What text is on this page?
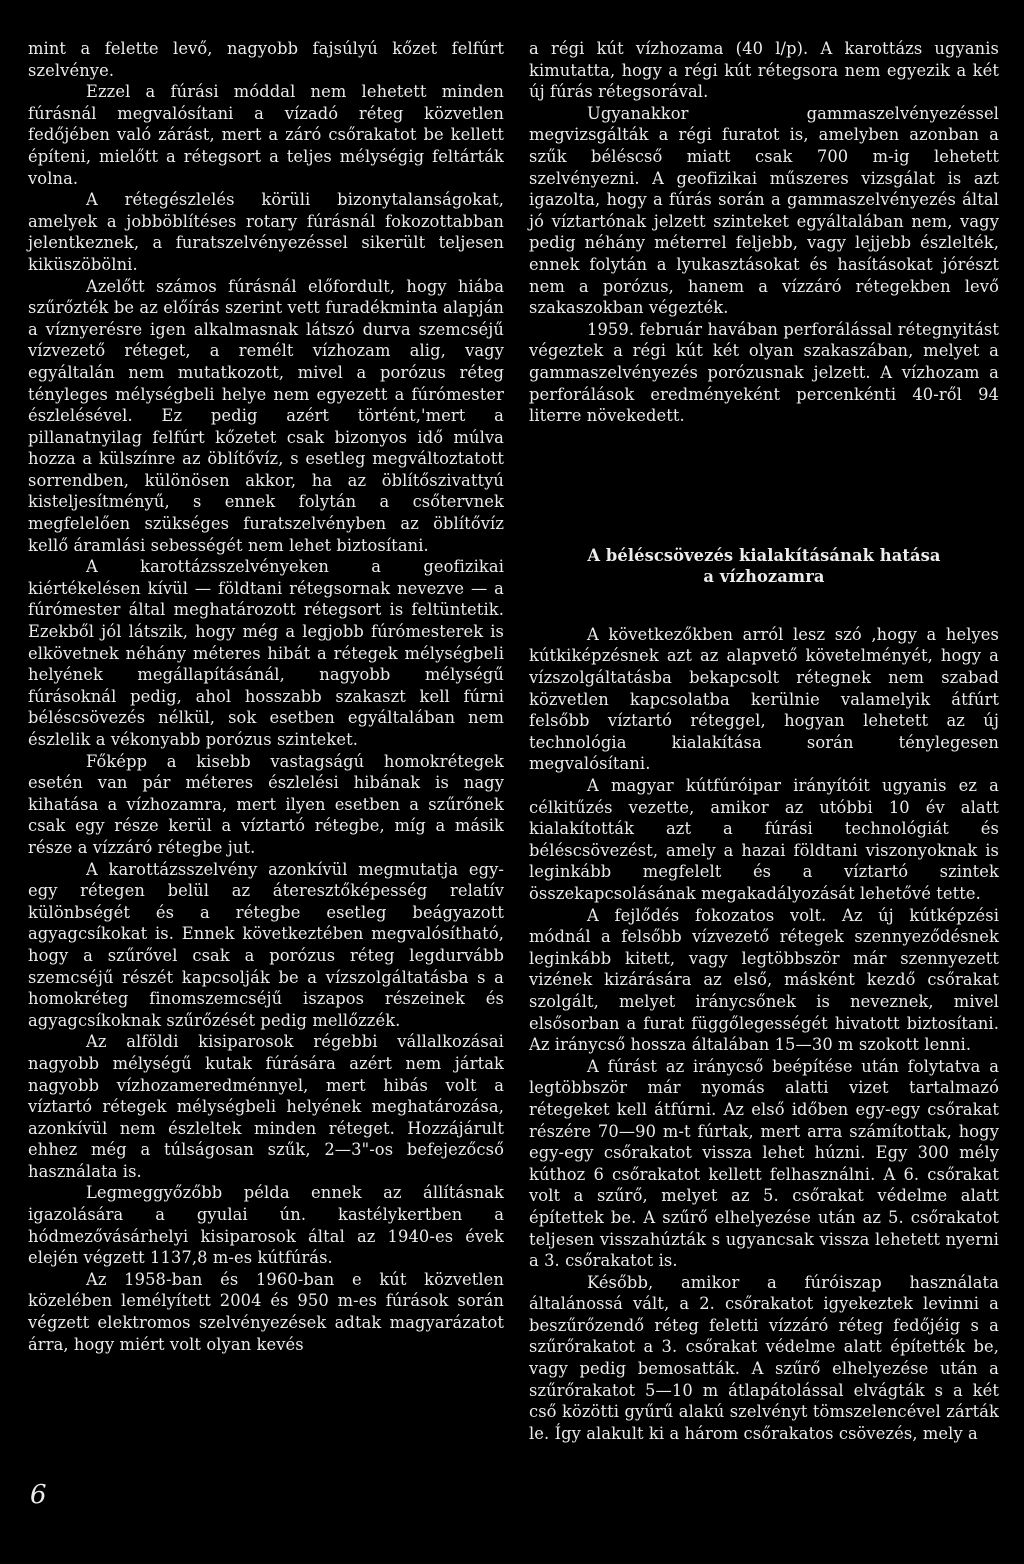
mint a felette levő, nagyobb fajsúlyú kőzet felfúrt szelvénye.

Ezzel a fúrási móddal nem lehetett minden fúrásnál megvalósítani a vízadó réteg közvetlen fedőjében való zárást, mert a záró csőrakatot be kellett építeni, mielőtt a rétegsort a teljes mélységig feltárták volna.

A rétegészlelés körüli bizonytalanságokat, amelyek a jobböblítéses rotary fúrásnál fokozottabban jelentkeznek, a furatszelvényezéssel sikerült teljesen kiküszöbölni.

Azelőtt számos fúrásnál előfordult, hogy hiába szűrőzték be az előírás szerint vett furadékminta alapján a víznyerésre igen alkalmasnak látszó durva szemcséjű vízvezető réteget, a remélt vízhozam alig, vagy egyáltalán nem mutatkozott, mivel a porózus réteg tényleges mélységbeli helye nem egyezett a fúrómester észlelésével. Ez pedig azért történt,'mert a pillanatnyilag felfúrt kőzetet csak bizonyos idő múlva hozza a külszínre az öblítővíz, s esetleg megváltoztatott sorrendben, különösen akkor, ha az öblítőszivattyú kisteljesítményű, s ennek folytán a csőtervnek megfelelően szükséges furatszelvényben az öblítővíz kellő áramlási sebességét nem lehet biztosítani.

A karottázsszelvényeken a geofizikai kiértékelésen kívül — földtani rétegsornak nevezve — a fúrómester által meghatározott rétegsort is feltüntetik. Ezekből jól látszik, hogy még a legjobb fúrómesterek is elkövetnek néhány méteres hibát a rétegek mélységbeli helyének megállapításánál, nagyobb mélységű fúrásoknál pedig, ahol hosszabb szakaszt kell fúrni béléscsövezés nélkül, sok esetben egyáltalában nem észlelik a vékonyabb porózus szinteket.

Főképp a kisebb vastagságú homokrétegek esetén van pár méteres észlelési hibának is nagy kihatása a vízhozamra, mert ilyen esetben a szűrőnek csak egy része kerül a víztartó rétegbe, míg a másik része a vízzáró rétegbe jut.

A karottázsszelvény azonkívül megmutatja egy-egy rétegen belül az áteresztőképesség relatív különbségét és a rétegbe esetleg beágyazott agyagcsíkokat is. Ennek következtében megvalósítható, hogy a szűrővel csak a porózus réteg legdurvább szemcséjű részét kapcsolják be a vízszolgáltatásba s a homokréteg finomszemcséjű iszapos részeinek és agyagcsíkoknak szűrőzését pedig mellőzzék.

Az alföldi kisiparosok régebbi vállalkozásai nagyobb mélységű kutak fúrására azért nem jártak nagyobb vízhozameredménnyel, mert hibás volt a víztartó rétegek mélységbeli helyének meghatározása, azonkívül nem észleltek minden réteget. Hozzájárult ehhez még a túlságosan szűk, 2—3"-os befejezőcső használata is.

Legmeggyőzőbb példa ennek az állításnak igazolására a gyulai ún. kastélykertben a hódmezővásárhelyi kisiparosok által az 1940-es évek elején végzett 1137,8 m-es kútfúrás.

Az 1958-ban és 1960-ban e kút közvetlen közelében lemélyített 2004 és 950 m-es fúrások során végzett elektromos szelvényezések adtak magyarázatot árra, hogy miért volt olyan kevés

a régi kút vízhozama (40 l/p). A karottázs ugyanis kimutatta, hogy a régi kút rétegsora nem egyezik a két új fúrás rétegsorával.

Ugyanakkor gammaszelvényezéssel megvizsgálták a régi furatot is, amelyben azonban a szűk béléscső miatt csak 700 m-ig lehetett szelvényezni. A geofizikai műszeres vizsgálat is azt igazolta, hogy a fúrás során a gammaszelvényezés által jó víztartónak jelzett szinteket egyáltalában nem, vagy pedig néhány méterrel feljebb, vagy lejjebb észlelték, ennek folytán a lyukasztásokat és hasításokat jórészt nem a porózus, hanem a vízzáró rétegekben levő szakaszokban végezték.

1959. február havában perforálással rétegnyitást végeztek a régi kút két olyan szakaszában, melyet a gammaszelvényezés porózusnak jelzett. A vízhozam a perforálások eredményeként percenkénti 40-ről 94 literre növekedett.

A béléscsövezés kialakításának hatása
a vízhozamra

A következőkben arról lesz szó ,hogy a helyes kútkiképzésnek azt az alapvető követelményét, hogy a vízszolgáltatásba bekapcsolt rétegnek nem szabad közvetlen kapcsolatba kerülnie valamelyik átfúrt felsőbb víztartó réteggel, hogyan lehetett az új technológia kialakítása során ténylegesen megvalósítani.

A magyar kútfúróipar irányítóit ugyanis ez a célkitűzés vezette, amikor az utóbbi 10 év alatt kialakították azt a fúrási technológiát és béléscsövezést, amely a hazai földtani viszonyoknak is leginkább megfelelt és a víztartó szintek összekapcsolásának megakadályozását lehetővé tette.

A fejlődés fokozatos volt. Az új kútképzési módnál a felsőbb vízvezető rétegek szennyeződésnek leginkább kitett, vagy legtöbbször már szennyezett vizének kizárására az első, másként kezdő csőrakat szolgált, melyet iránycsőnek is neveznek, mivel elsősorban a furat függőlegességét hivatott biztosítani. Az iránycső hossza általában 15—30 m szokott lenni.

A fúrást az iránycső beépítése után folytatva a legtöbbször már nyomás alatti vizet tartalmazó rétegeket kell átfúrni. Az első időben egy-egy csőrakat részére 70—90 m-t fúrtak, mert arra számítottak, hogy egy-egy csőrakatot vissza lehet húzni. Egy 300 mély kúthoz 6 csőrakatot kellett felhasználni. A 6. csőrakat volt a szűrő, melyet az 5. csőrakat védelme alatt építettek be. A szűrő elhelyezése után az 5. csőrakatot teljesen visszahúzták s ugyancsak vissza lehetett nyerni a 3. csőrakatot is.

Később, amikor a fúróiszap használata általánossá vált, a 2. csőrakatot igyekeztek levinni a beszűrőzendő réteg feletti vízzáró réteg fedőjéig s a szűrőrakatot a 3. csőrakat védelme alatt építették be, vagy pedig bemosatták. A szűrő elhelyezése után a szűrőrakatot 5—10 m átlapátolással elvágták s a két cső közötti gyűrű alakú szelvényt tömszelencével zárták le. Így alakult ki a három csőrakatos csövezés, mely a

6
